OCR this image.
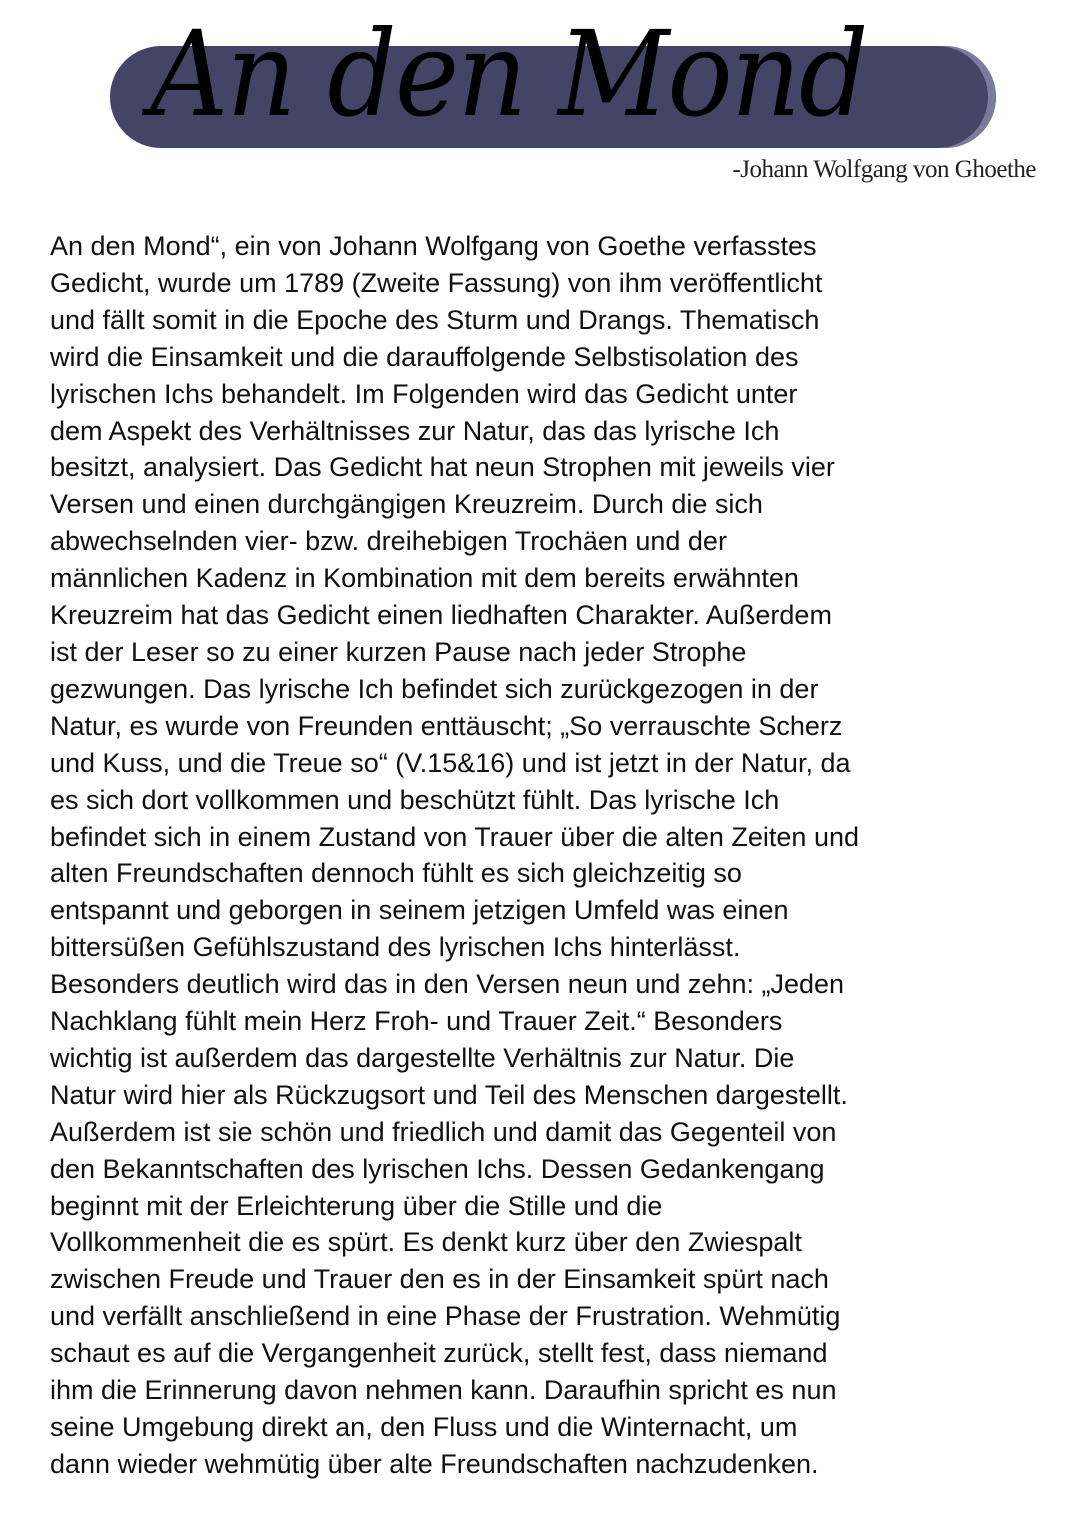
An den Mond
-Johann Wolfgang von Ghoethe
An den Mond“, ein von Johann Wolfgang von Goethe verfasstes
Gedicht, wurde um 1789 (Zweite Fassung) von ihm veröffentlicht
und fällt somit in die Epoche des Sturm und Drangs. Thematisch
wird die Einsamkeit und die darauffolgende Selbstisolation des
lyrischen Ichs behandelt. Im Folgenden wird das Gedicht unter
dem Aspekt des Verhältnisses zur Natur, das das lyrische Ich
besitzt, analysiert. Das Gedicht hat neun Strophen mit jeweils vier
Versen und einen durchgängigen Kreuzreim. Durch die sich
abwechselnden vier- bzw. dreihebigen Trochäen und der
männlichen Kadenz in Kombination mit dem bereits erwähnten
Kreuzreim hat das Gedicht einen liedhaften Charakter. Außerdem
ist der Leser so zu einer kurzen Pause nach jeder Strophe
gezwungen. Das lyrische Ich befindet sich zurückgezogen in der
Natur, es wurde von Freunden enttäuscht; „So verrauschte Scherz
und Kuss, und die Treue so“ (V.15&16) und ist jetzt in der Natur, da
es sich dort vollkommen und beschützt fühlt. Das lyrische Ich
befindet sich in einem Zustand von Trauer über die alten Zeiten und
alten Freundschaften dennoch fühlt es sich gleichzeitig so
entspannt und geborgen in seinem jetzigen Umfeld was einen
bittersüßen Gefühlszustand des lyrischen Ichs hinterlässt.
Besonders deutlich wird das in den Versen neun und zehn: „Jeden
Nachklang fühlt mein Herz Froh- und Trauer Zeit.“ Besonders
wichtig ist außerdem das dargestellte Verhältnis zur Natur. Die
Natur wird hier als Rückzugsort und Teil des Menschen dargestellt.
Außerdem ist sie schön und friedlich und damit das Gegenteil von
den Bekanntschaften des lyrischen Ichs. Dessen Gedankengang
beginnt mit der Erleichterung über die Stille und die
Vollkommenheit die es spürt. Es denkt kurz über den Zwiespalt
zwischen Freude und Trauer den es in der Einsamkeit spürt nach
und verfällt anschließend in eine Phase der Frustration. Wehmütig
schaut es auf die Vergangenheit zurück, stellt fest, dass niemand
ihm die Erinnerung davon nehmen kann. Daraufhin spricht es nun
seine Umgebung direkt an, den Fluss und die Winternacht, um
dann wieder wehmütig über alte Freundschaften nachzudenken.
